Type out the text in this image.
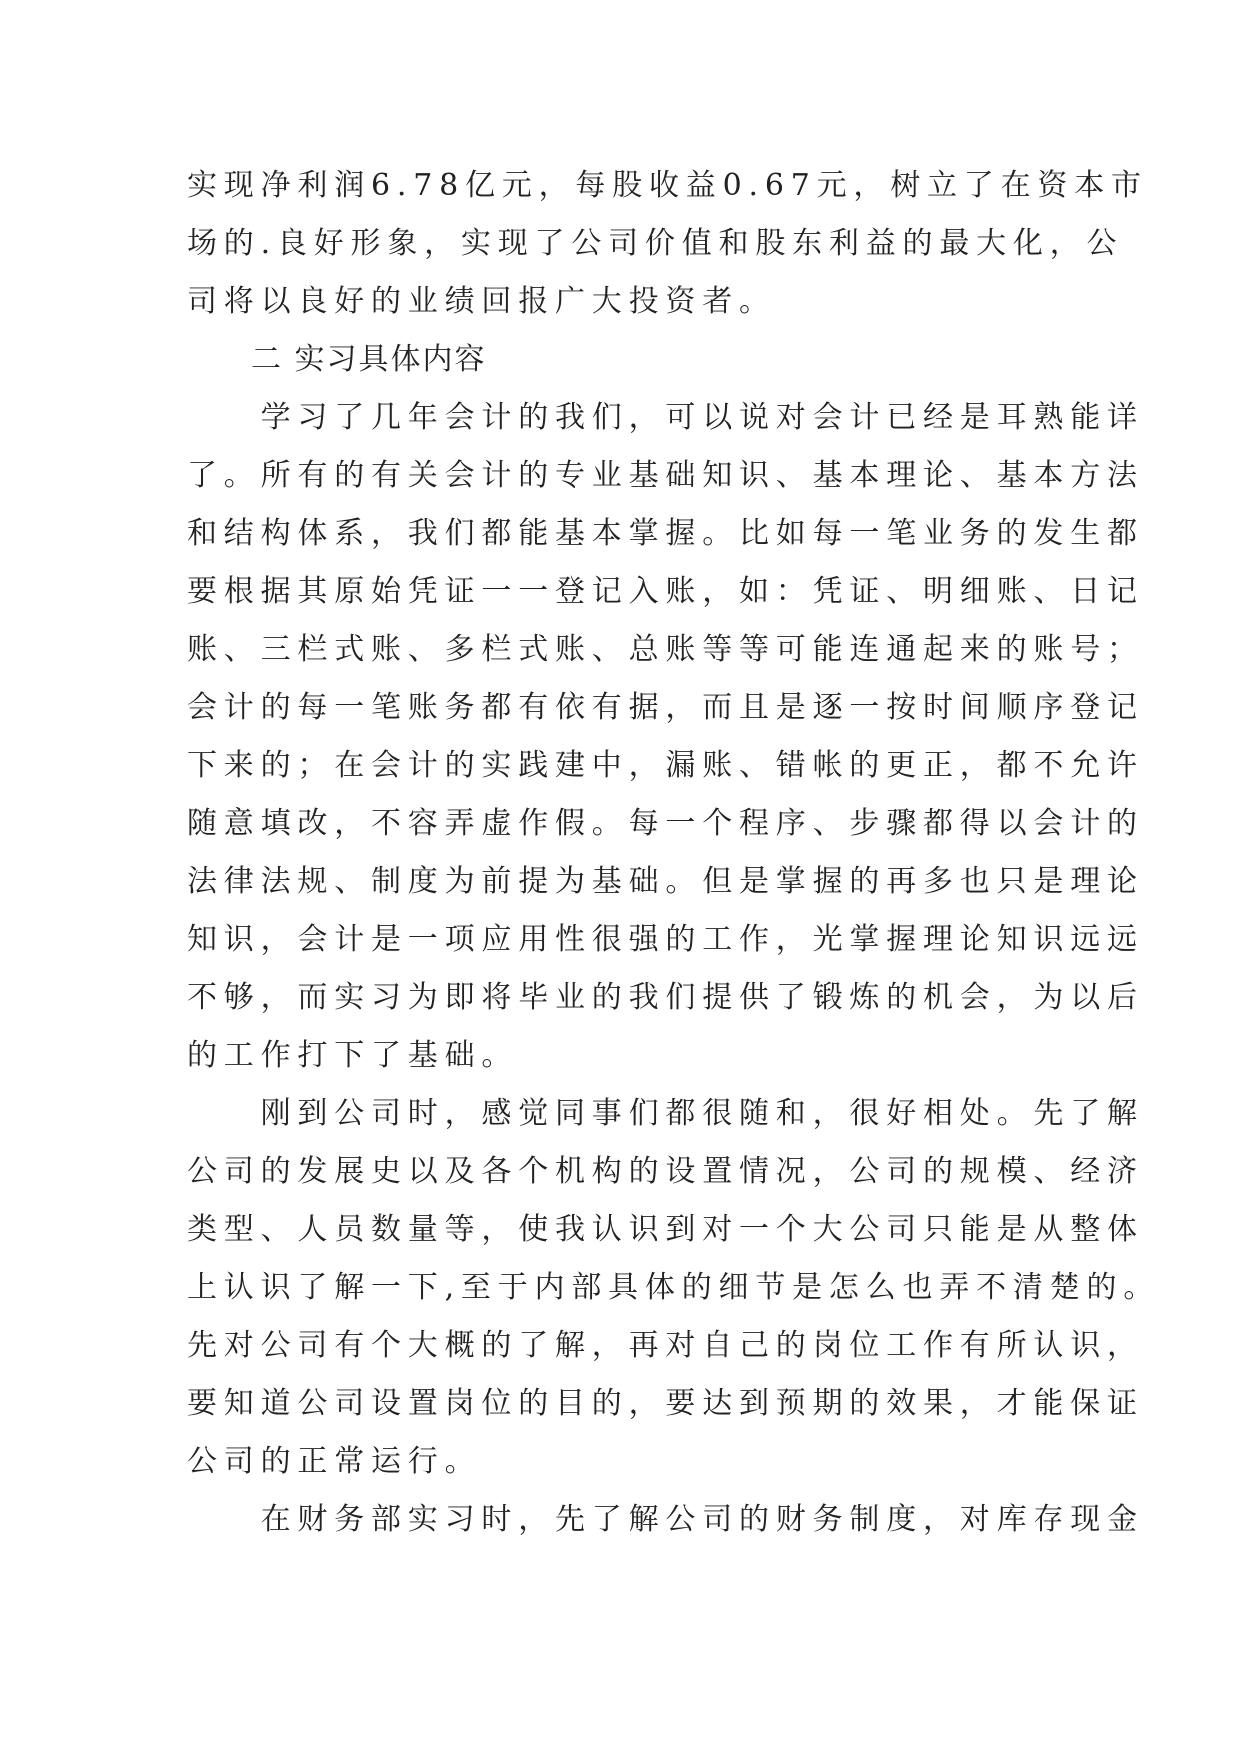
实现净利润6.78亿元，每股收益0.67元，树立了在资本市
场的.良好形象，实现了公司价值和股东利益的最大化，公
司将以良好的业绩回报广大投资者。
　　二 实习具体内容
　　学习了几年会计的我们，可以说对会计已经是耳熟能详
了。所有的有关会计的专业基础知识、基本理论、基本方法
和结构体系，我们都能基本掌握。比如每一笔业务的发生都
要根据其原始凭证一一登记入账，如：凭证、明细账、日记
账、三栏式账、多栏式账、总账等等可能连通起来的账号；
会计的每一笔账务都有依有据，而且是逐一按时间顺序登记
下来的；在会计的实践建中，漏账、错帐的更正，都不允许
随意填改，不容弄虚作假。每一个程序、步骤都得以会计的
法律法规、制度为前提为基础。但是掌握的再多也只是理论
知识，会计是一项应用性很强的工作，光掌握理论知识远远
不够，而实习为即将毕业的我们提供了锻炼的机会，为以后
的工作打下了基础。
　　刚到公司时，感觉同事们都很随和，很好相处。先了解
公司的发展史以及各个机构的设置情况，公司的规模、经济
类型、人员数量等，使我认识到对一个大公司只能是从整体
上认识了解一下,至于内部具体的细节是怎么也弄不清楚的。
先对公司有个大概的了解，再对自己的岗位工作有所认识，
要知道公司设置岗位的目的，要达到预期的效果，才能保证
公司的正常运行。
　　在财务部实习时，先了解公司的财务制度，对库存现金
